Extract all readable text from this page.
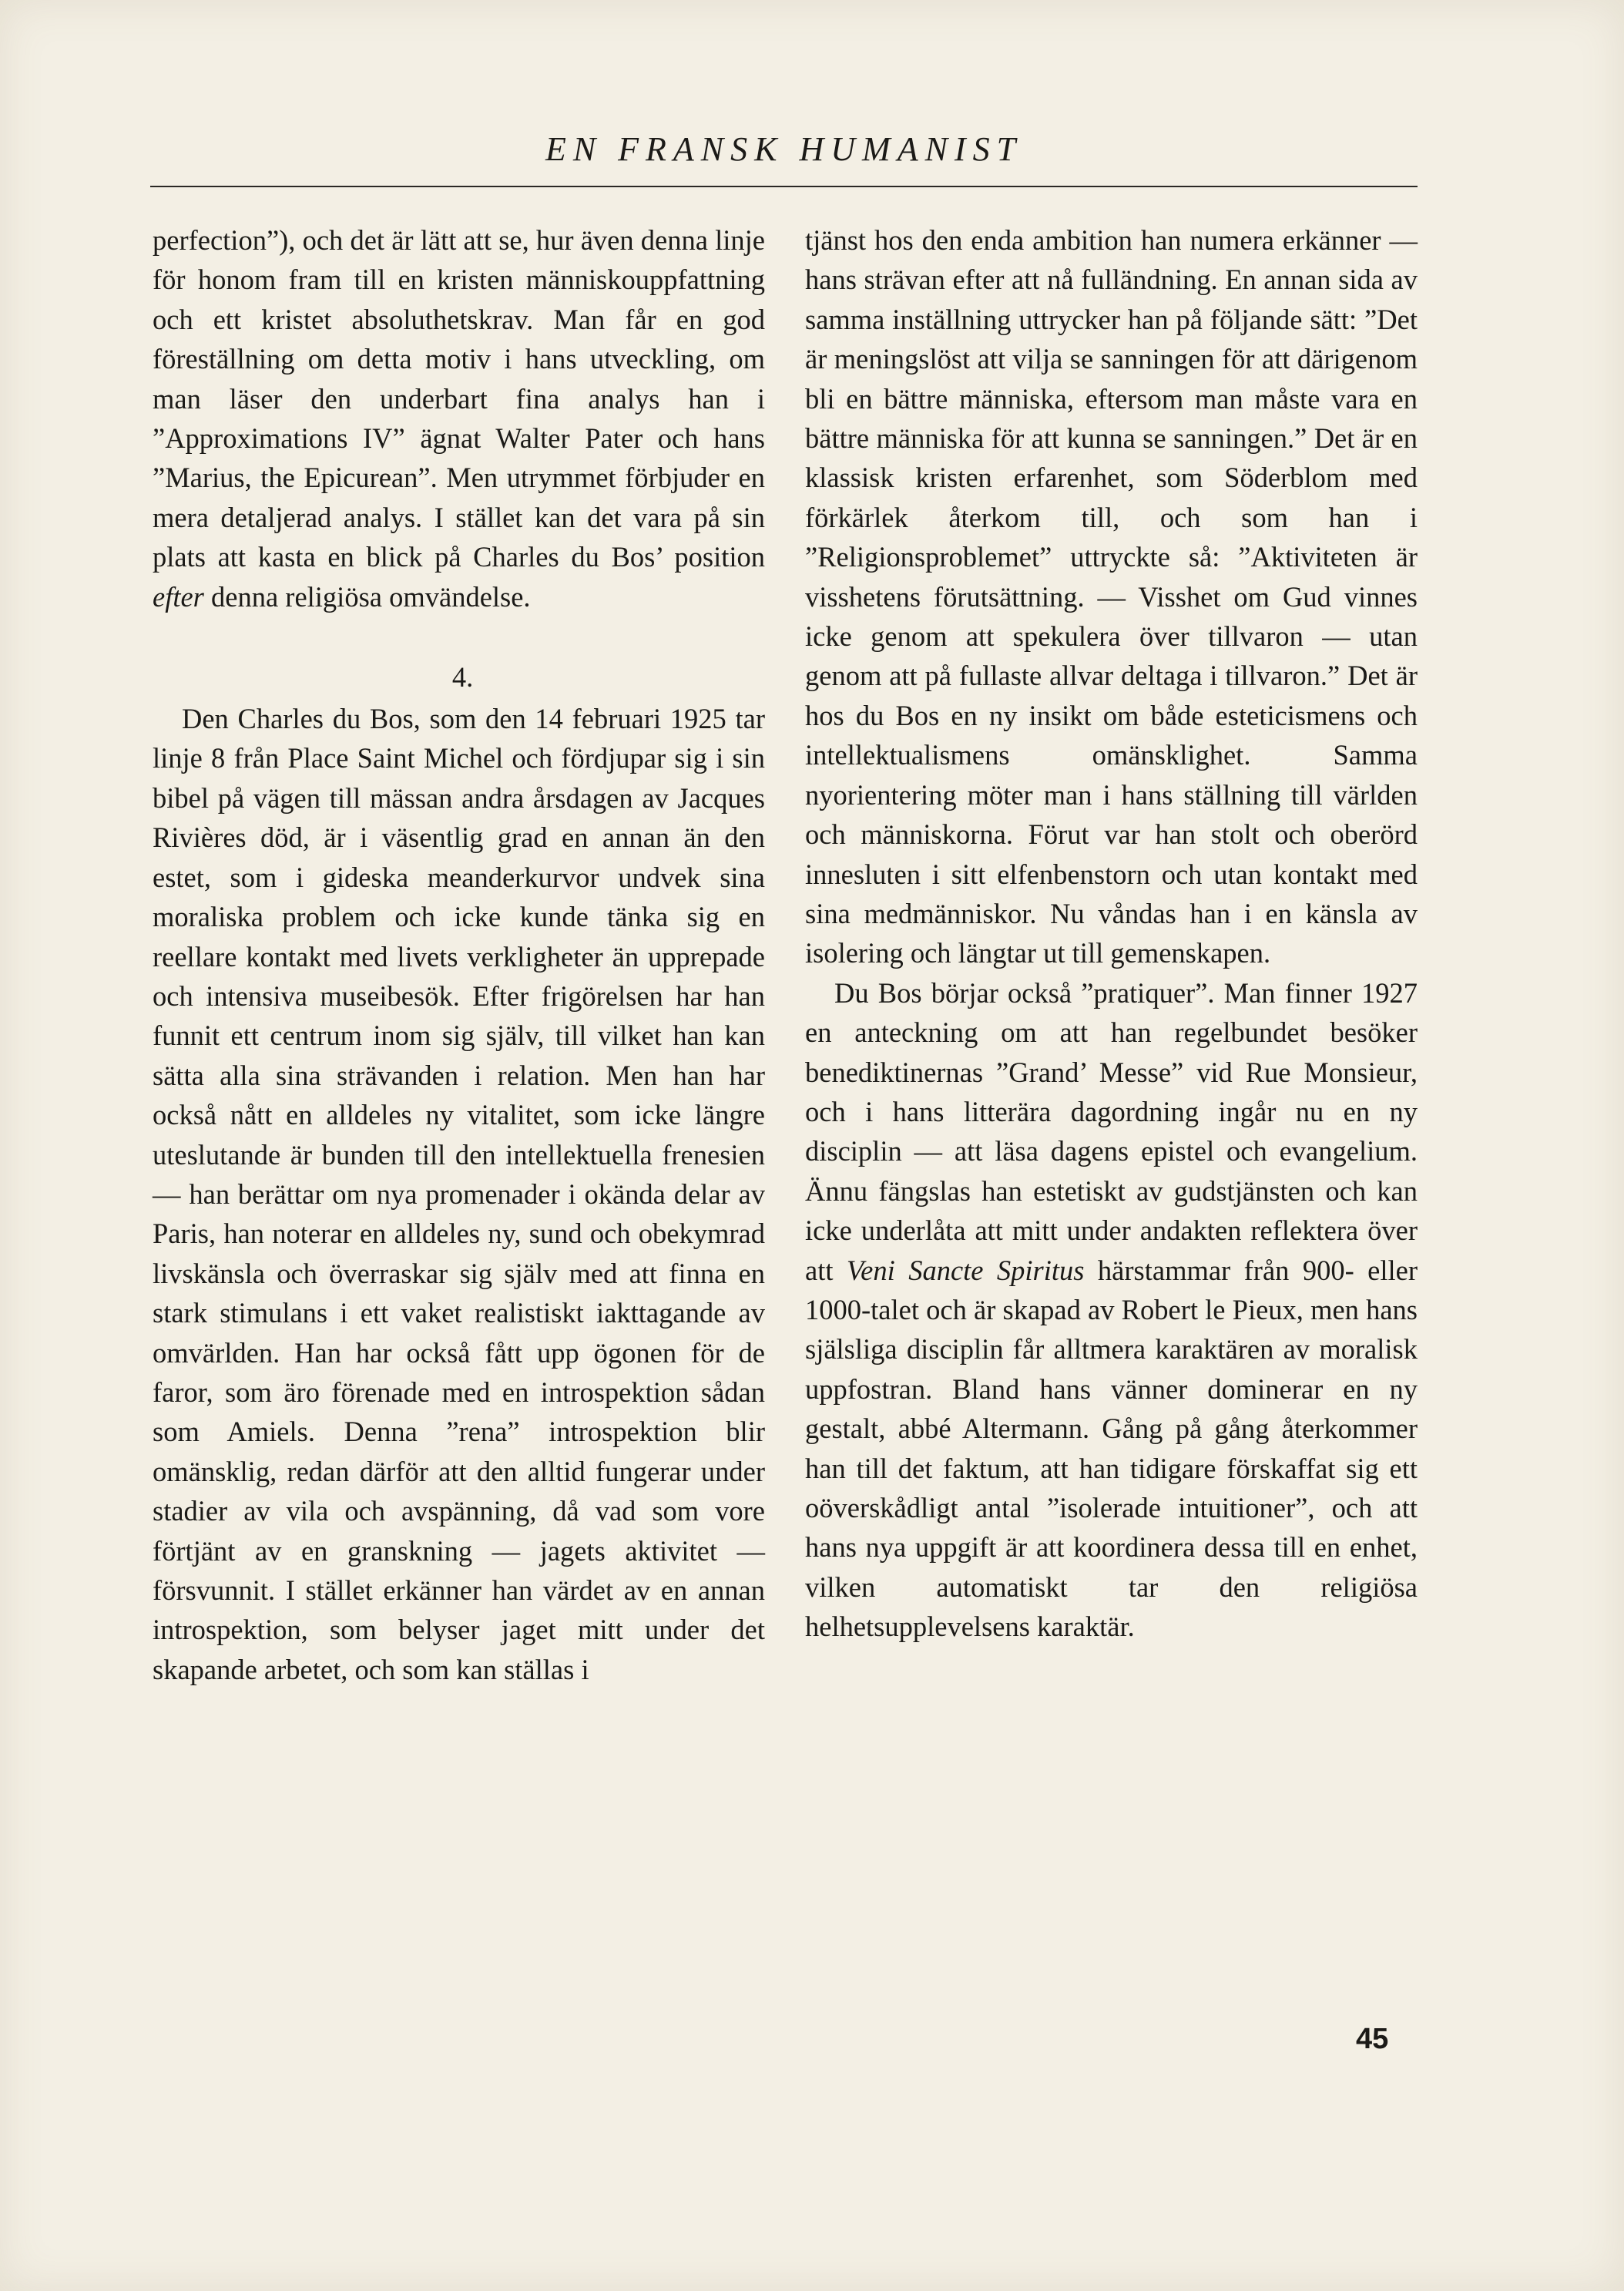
EN FRANSK HUMANIST

perfection”), och det är lätt att se, hur även denna linje för honom fram till en kristen människouppfattning och ett kristet absoluthetskrav. Man får en god föreställning om detta motiv i hans utveckling, om man läser den underbart fina analys han i ”Approximations IV” ägnat Walter Pater och hans ”Marius, the Epicurean”. Men utrymmet förbjuder en mera detaljerad analys. I stället kan det vara på sin plats att kasta en blick på Charles du Bos’ position efter denna religiösa omvändelse.

4.

Den Charles du Bos, som den 14 februari 1925 tar linje 8 från Place Saint Michel och fördjupar sig i sin bibel på vägen till mässan andra årsdagen av Jacques Rivières död, är i väsentlig grad en annan än den estet, som i gideska meanderkurvor undvek sina moraliska problem och icke kunde tänka sig en reellare kontakt med livets verkligheter än upprepade och intensiva museibesök. Efter frigörelsen har han funnit ett centrum inom sig själv, till vilket han kan sätta alla sina strävanden i relation. Men han har också nått en alldeles ny vitalitet, som icke längre uteslutande är bunden till den intellektuella frenesien — han berättar om nya promenader i okända delar av Paris, han noterar en alldeles ny, sund och obekymrad livskänsla och överraskar sig själv med att finna en stark stimulans i ett vaket realistiskt iakttagande av omvärlden. Han har också fått upp ögonen för de faror, som äro förenade med en introspektion sådan som Amiels. Denna ”rena” introspektion blir omänsklig, redan därför att den alltid fungerar under stadier av vila och avspänning, då vad som vore förtjänt av en granskning — jagets aktivitet — försvunnit. I stället erkänner han värdet av en annan introspektion, som belyser jaget mitt under det skapande arbetet, och som kan ställas i

tjänst hos den enda ambition han numera erkänner — hans strävan efter att nå fulländning. En annan sida av samma inställning uttrycker han på följande sätt: ”Det är meningslöst att vilja se sanningen för att därigenom bli en bättre människa, eftersom man måste vara en bättre människa för att kunna se sanningen.” Det är en klassisk kristen erfarenhet, som Söderblom med förkärlek återkom till, och som han i ”Religionsproblemet” uttryckte så: ”Aktiviteten är visshetens förutsättning. — Visshet om Gud vinnes icke genom att spekulera över tillvaron — utan genom att på fullaste allvar deltaga i tillvaron.” Det är hos du Bos en ny insikt om både esteticismens och intellektualismens omänsklighet. Samma nyorientering möter man i hans ställning till världen och människorna. Förut var han stolt och oberörd innesluten i sitt elfenbenstorn och utan kontakt med sina medmänniskor. Nu våndas han i en känsla av isolering och längtar ut till gemenskapen.

Du Bos börjar också ”pratiquer”. Man finner 1927 en anteckning om att han regelbundet besöker benediktinernas ”Grand’ Messe” vid Rue Monsieur, och i hans litterära dagordning ingår nu en ny disciplin — att läsa dagens epistel och evangelium. Ännu fängslas han estetiskt av gudstjänsten och kan icke underlåta att mitt under andakten reflektera över att Veni Sancte Spiritus härstammar från 900- eller 1000-talet och är skapad av Robert le Pieux, men hans själsliga disciplin får alltmera karaktären av moralisk uppfostran. Bland hans vänner dominerar en ny gestalt, abbé Altermann. Gång på gång återkommer han till det faktum, att han tidigare förskaffat sig ett oöverskådligt antal ”isolerade intuitioner”, och att hans nya uppgift är att koordinera dessa till en enhet, vilken automatiskt tar den religiösa helhetsupplevelsens karaktär.

45
